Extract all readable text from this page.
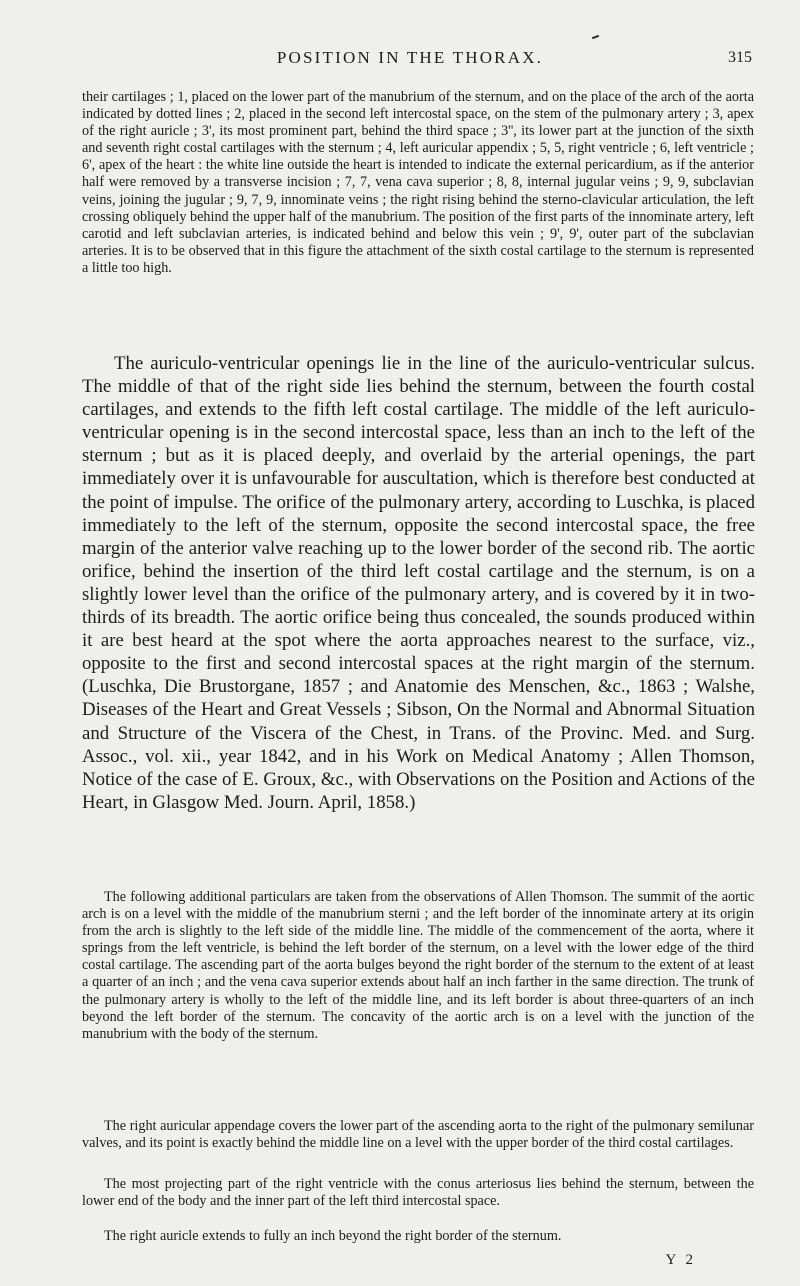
POSITION IN THE THORAX.	315

their cartilages ; 1, placed on the lower part of the manubrium of the sternum, and on the place of the arch of the aorta indicated by dotted lines ; 2, placed in the second left intercostal space, on the stem of the pulmonary artery ; 3, apex of the right auricle ; 3', its most prominent part, behind the third space ; 3'', its lower part at the junction of the sixth and seventh right costal cartilages with the sternum ; 4, left auricular appendix ; 5, 5, right ventricle ; 6, left ventricle ; 6', apex of the heart : the white line outside the heart is intended to indicate the external pericardium, as if the anterior half were removed by a transverse incision ; 7, 7, vena cava superior ; 8, 8, internal jugular veins ; 9, 9, subclavian veins, joining the jugular ; 9, 7, 9, innominate veins ; the right rising behind the sterno-clavicular articulation, the left crossing obliquely behind the upper half of the manubrium. The position of the first parts of the innominate artery, left carotid and left subclavian arteries, is indicated behind and below this vein ; 9', 9', outer part of the subclavian arteries. It is to be observed that in this figure the attachment of the sixth costal cartilage to the sternum is represented a little too high.

The auriculo-ventricular openings lie in the line of the auriculo-ventricular sulcus. The middle of that of the right side lies behind the sternum, between the fourth costal cartilages, and extends to the fifth left costal cartilage. The middle of the left auriculo-ventricular opening is in the second intercostal space, less than an inch to the left of the sternum ; but as it is placed deeply, and overlaid by the arterial openings, the part immediately over it is unfavourable for auscultation, which is therefore best conducted at the point of impulse. The orifice of the pulmonary artery, according to Luschka, is placed immediately to the left of the sternum, opposite the second intercostal space, the free margin of the anterior valve reaching up to the lower border of the second rib. The aortic orifice, behind the insertion of the third left costal cartilage and the sternum, is on a slightly lower level than the orifice of the pulmonary artery, and is covered by it in two-thirds of its breadth. The aortic orifice being thus concealed, the sounds produced within it are best heard at the spot where the aorta approaches nearest to the surface, viz., opposite to the first and second intercostal spaces at the right margin of the sternum. (Luschka, Die Brustorgane, 1857 ; and Anatomie des Menschen, &c., 1863 ; Walshe, Diseases of the Heart and Great Vessels ; Sibson, On the Normal and Abnormal Situation and Structure of the Viscera of the Chest, in Trans. of the Provinc. Med. and Surg. Assoc., vol. xii., year 1842, and in his Work on Medical Anatomy ; Allen Thomson, Notice of the case of E. Groux, &c., with Observations on the Position and Actions of the Heart, in Glasgow Med. Journ. April, 1858.)

The following additional particulars are taken from the observations of Allen Thomson. The summit of the aortic arch is on a level with the middle of the manubrium sterni ; and the left border of the innominate artery at its origin from the arch is slightly to the left side of the middle line. The middle of the commencement of the aorta, where it springs from the left ventricle, is behind the left border of the sternum, on a level with the lower edge of the third costal cartilage. The ascending part of the aorta bulges beyond the right border of the sternum to the extent of at least a quarter of an inch ; and the vena cava superior extends about half an inch farther in the same direction. The trunk of the pulmonary artery is wholly to the left of the middle line, and its left border is about three-quarters of an inch beyond the left border of the sternum. The concavity of the aortic arch is on a level with the junction of the manubrium with the body of the sternum.

The right auricular appendage covers the lower part of the ascending aorta to the right of the pulmonary semilunar valves, and its point is exactly behind the middle line on a level with the upper border of the third costal cartilages.

The most projecting part of the right ventricle with the conus arteriosus lies behind the sternum, between the lower end of the body and the inner part of the left third intercostal space.

The right auricle extends to fully an inch beyond the right border of the sternum.

Y 2
